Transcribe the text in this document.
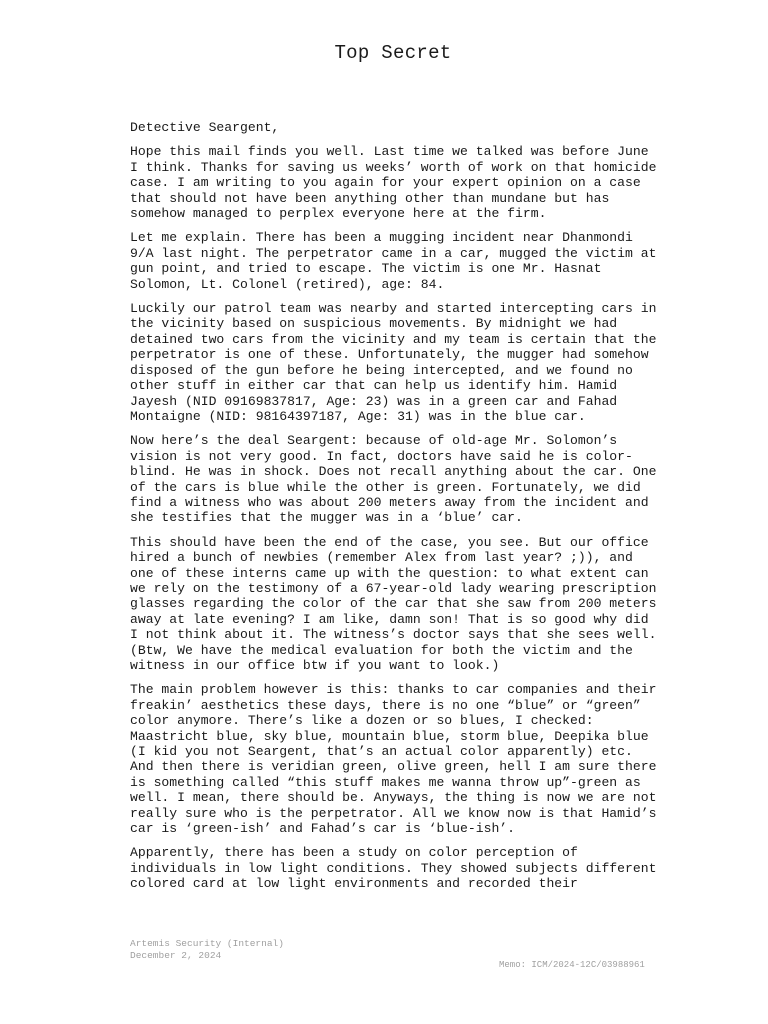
Top Secret

Detective Seargent,

Hope this mail finds you well. Last time we talked was before June
I think. Thanks for saving us weeks’ worth of work on that homicide
case. I am writing to you again for your expert opinion on a case
that should not have been anything other than mundane but has
somehow managed to perplex everyone here at the firm.

Let me explain. There has been a mugging incident near Dhanmondi
9/A last night. The perpetrator came in a car, mugged the victim at
gun point, and tried to escape. The victim is one Mr. Hasnat
Solomon, Lt. Colonel (retired), age: 84.

Luckily our patrol team was nearby and started intercepting cars in
the vicinity based on suspicious movements. By midnight we had
detained two cars from the vicinity and my team is certain that the
perpetrator is one of these. Unfortunately, the mugger had somehow
disposed of the gun before he being intercepted, and we found no
other stuff in either car that can help us identify him. Hamid
Jayesh (NID 09169837817, Age: 23) was in a green car and Fahad
Montaigne (NID: 98164397187, Age: 31) was in the blue car.

Now here’s the deal Seargent: because of old-age Mr. Solomon’s
vision is not very good. In fact, doctors have said he is color-
blind. He was in shock. Does not recall anything about the car. One
of the cars is blue while the other is green. Fortunately, we did
find a witness who was about 200 meters away from the incident and
she testifies that the mugger was in a ‘blue’ car.

This should have been the end of the case, you see. But our office
hired a bunch of newbies (remember Alex from last year? ;)), and
one of these interns came up with the question: to what extent can
we rely on the testimony of a 67-year-old lady wearing prescription
glasses regarding the color of the car that she saw from 200 meters
away at late evening? I am like, damn son! That is so good why did
I not think about it. The witness’s doctor says that she sees well.
(Btw, We have the medical evaluation for both the victim and the
witness in our office btw if you want to look.)

The main problem however is this: thanks to car companies and their
freakin’ aesthetics these days, there is no one “blue” or “green”
color anymore. There’s like a dozen or so blues, I checked:
Maastricht blue, sky blue, mountain blue, storm blue, Deepika blue
(I kid you not Seargent, that’s an actual color apparently) etc.
And then there is veridian green, olive green, hell I am sure there
is something called “this stuff makes me wanna throw up”-green as
well. I mean, there should be. Anyways, the thing is now we are not
really sure who is the perpetrator. All we know now is that Hamid’s
car is ‘green-ish’ and Fahad’s car is ‘blue-ish’.

Apparently, there has been a study on color perception of
individuals in low light conditions. They showed subjects different
colored card at low light environments and recorded their

Artemis Security (Internal)
December 2, 2024
Memo: ICM/2024-12C/03988961
